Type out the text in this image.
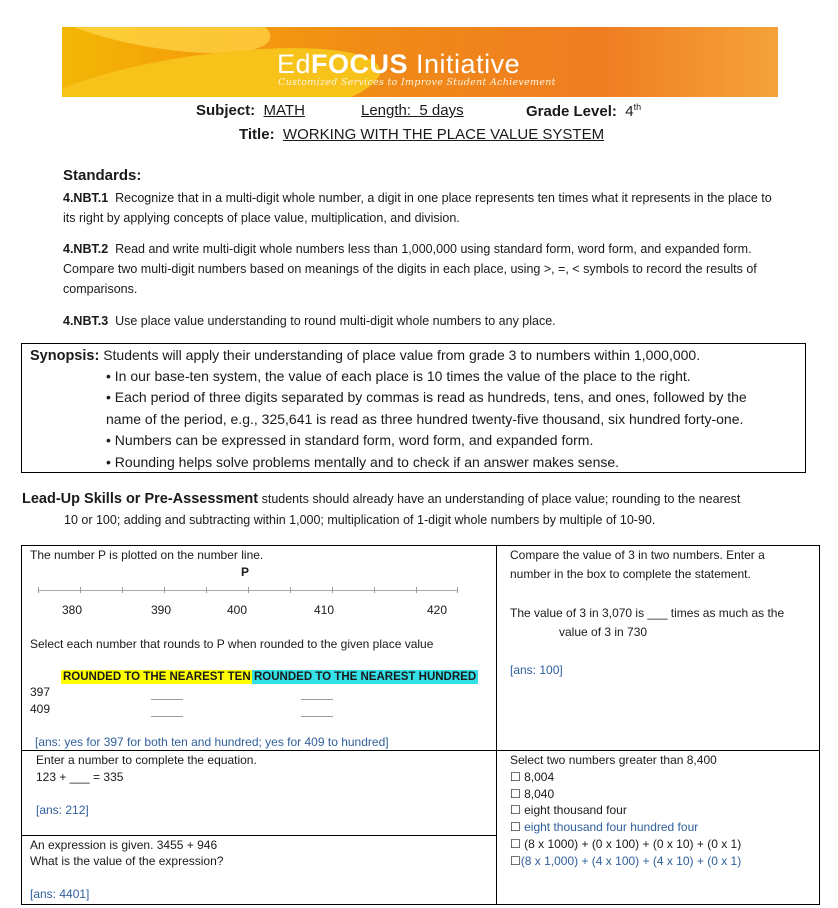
EdFOCUS Initiative
Customized Services to Improve Student Achievement
Subject: MATH	Length: 5 days	Grade Level: 4th
Title: WORKING WITH THE PLACE VALUE SYSTEM
Standards:
4.NBT.1 Recognize that in a multi-digit whole number, a digit in one place represents ten times what it represents in the place to its right by applying concepts of place value, multiplication, and division.
4.NBT.2 Read and write multi-digit whole numbers less than 1,000,000 using standard form, word form, and expanded form. Compare two multi-digit numbers based on meanings of the digits in each place, using >, =, < symbols to record the results of comparisons.
4.NBT.3 Use place value understanding to round multi-digit whole numbers to any place.
Synopsis: Students will apply their understanding of place value from grade 3 to numbers within 1,000,000.
• In our base-ten system, the value of each place is 10 times the value of the place to the right.
• Each period of three digits separated by commas is read as hundreds, tens, and ones, followed by the
name of the period, e.g., 325,641 is read as three hundred twenty-five thousand, six hundred forty-one.
• Numbers can be expressed in standard form, word form, and expanded form.
• Rounding helps solve problems mentally and to check if an answer makes sense.
Lead-Up Skills or Pre-Assessment students should already have an understanding of place value; rounding to the nearest
10 or 100; adding and subtracting within 1,000; multiplication of 1-digit whole numbers by multiple of 10-90.
The number P is plotted on the number line.
P
380	390	400	410	420
Select each number that rounds to P when rounded to the given place value
ROUNDED TO THE NEAREST TEN ROUNDED TO THE NEAREST HUNDRED
397
409
[ans: yes for 397 for both ten and hundred; yes for 409 to hundred]
Compare the value of 3 in two numbers. Enter a
number in the box to complete the statement.
The value of 3 in 3,070 is ___ times as much as the
value of 3 in 730
[ans: 100]
Enter a number to complete the equation.
123 + ___ = 335
[ans: 212]
Select two numbers greater than 8,400
☐ 8,004
☐ 8,040
☐ eight thousand four
☐ eight thousand four hundred four
☐ (8 x 1000) + (0 x 100) + (0 x 10) + (0 x 1)
☐(8 x 1,000) + (4 x 100) + (4 x 10) + (0 x 1)
An expression is given. 3455 + 946
What is the value of the expression?
[ans: 4401]
